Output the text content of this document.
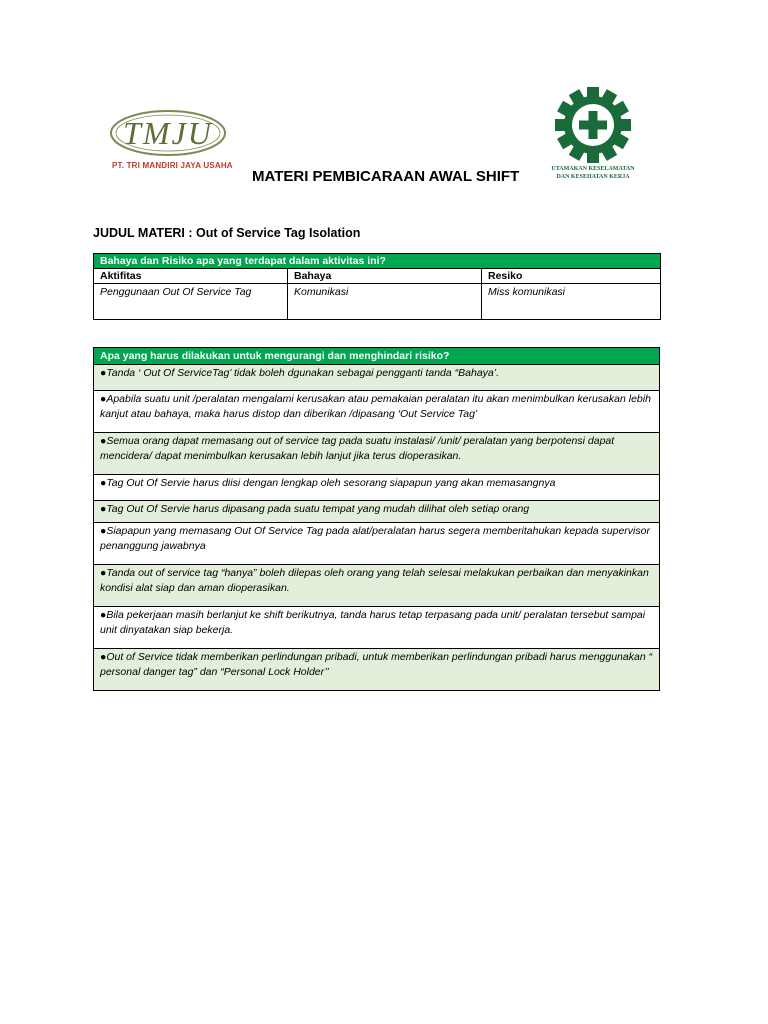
TMJU
PT. TRI MANDIRI JAYA USAHA	UTAMAKAN KESELAMATAN
DAN KESEHATAN KERJA
MATERI PEMBICARAAN AWAL SHIFT
JUDUL MATERI : Out of Service Tag Isolation
Bahaya dan Risiko apa yang terdapat dalam aktivitas ini?		
Aktifitas	Bahaya	Resiko
Penggunaan Out Of Service Tag	Komunikasi	Miss komunikasi
Apa yang harus dilakukan untuk mengurangi dan menghindari risiko?
●Tanda ‘ Out Of ServiceTag’ tidak boleh dgunakan sebagai pengganti tanda “Bahaya’.
●Apabila suatu unit /peralatan mengalami kerusakan atau pemakaian peralatan itu akan menimbulkan kerusakan lebih kanjut atau bahaya, maka harus distop dan diberikan /dipasang ‘Out Service Tag’
●Semua orang dapat memasang out of service tag pada suatu instalasi/ /unit/ peralatan yang berpotensi dapat mencidera/ dapat menimbulkan kerusakan lebih lanjut jika terus dioperasikan.
●Tag Out Of Servie harus diisi dengan lengkap oleh sesorang siapapun yang akan memasangnya
●Tag Out Of Servie harus dipasang pada suatu tempat yang mudah dilihat oleh setiap orang
●Siapapun yang memasang Out Of Service Tag pada alat/peralatan harus segera memberitahukan kepada supervisor penanggung jawabnya
●Tanda out of service tag “hanya” boleh dilepas oleh orang yang telah selesai melakukan perbaikan dan menyakinkan kondisi alat siap dan aman dioperasikan.
●Bila pekerjaan masih berlanjut ke shift berikutnya, tanda harus tetap terpasang pada unit/ peralatan tersebut sampai unit dinyatakan siap bekerja.
●Out of Service tidak memberikan perlindungan pribadi, untuk memberikan perlindungan pribadi harus menggunakan “ personal danger tag” dan “Personal Lock Holder’’
